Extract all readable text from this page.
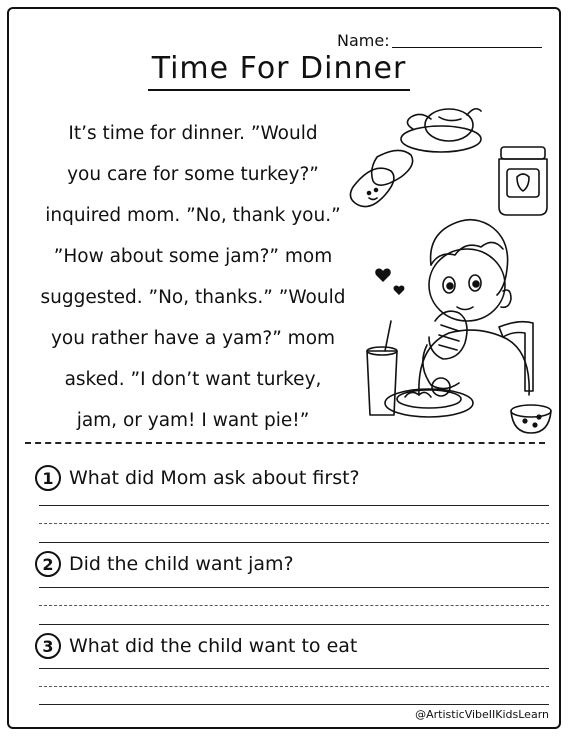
Name:
Time For Dinner
It’s time for dinner. ”Would
you care for some turkey?”
inquired mom. ”No, thank you.”
”How about some jam?” mom
suggested. ”No, thanks.” ”Would
you rather have a yam?” mom
asked. ”I don’t want turkey,
jam, or yam! I want pie!”
1 What did Mom ask about first?
2 Did the child want jam?
3 What did the child want to eat
@ArtisticVibeIIKidsLearn
